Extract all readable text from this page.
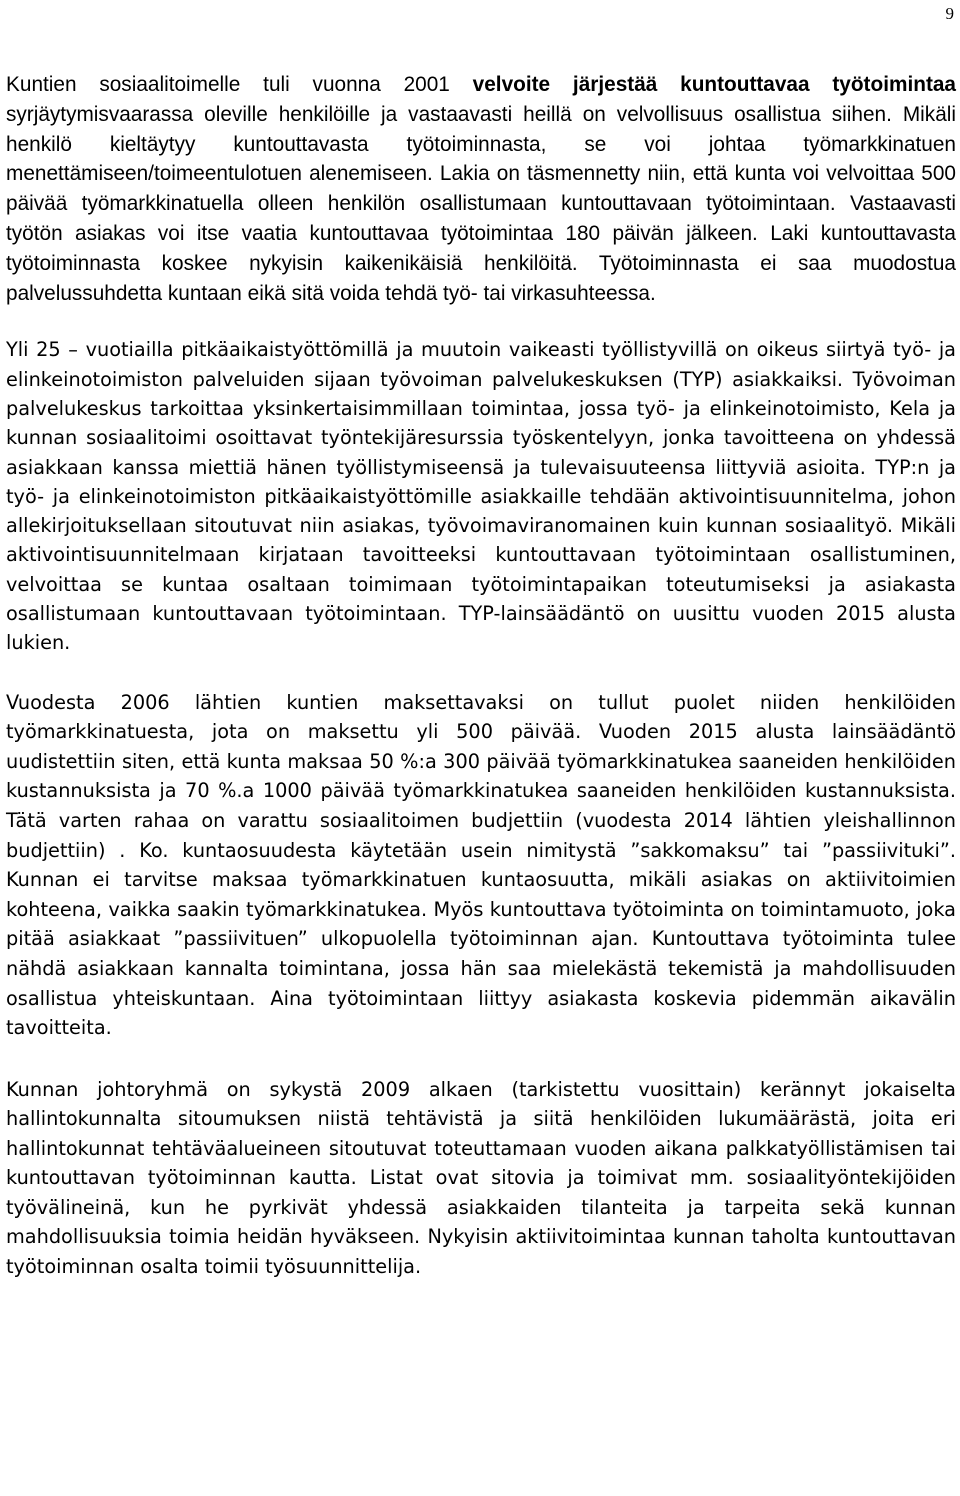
9

Kuntien sosiaalitoimelle tuli vuonna 2001 velvoite järjestää kuntouttavaa työtoimintaa syrjäytymisvaarassa oleville henkilöille ja vastaavasti heillä on velvollisuus osallistua siihen. Mikäli henkilö kieltäytyy kuntouttavasta työtoiminnasta, se voi johtaa työmarkkinatuen menettämiseen/toimeentulotuen alenemiseen. Lakia on täsmennetty niin, että kunta voi velvoittaa 500 päivää työmarkkinatuella olleen henkilön osallistumaan kuntouttavaan työtoimintaan. Vastaavasti työtön asiakas voi itse vaatia kuntouttavaa työtoimintaa 180 päivän jälkeen. Laki kuntouttavasta työtoiminnasta koskee nykyisin kaikenikäisiä henkilöitä. Työtoiminnasta ei saa muodostua palvelussuhdetta kuntaan eikä sitä voida tehdä työ- tai virkasuhteessa.

Yli 25 – vuotiailla pitkäaikaistyöttömillä ja muutoin vaikeasti työllistyvillä on oikeus siirtyä työ- ja elinkeinotoimiston palveluiden sijaan työvoiman palvelukeskuksen (TYP) asiakkaiksi. Työvoiman palvelukeskus tarkoittaa yksinkertaisimmillaan toimintaa, jossa työ- ja elinkeinotoimisto, Kela ja kunnan sosiaalitoimi osoittavat työntekijäresurssia työskentelyyn, jonka tavoitteena on yhdessä asiakkaan kanssa miettiä hänen työllistymiseensä ja tulevaisuuteensa liittyviä asioita. TYP:n ja työ- ja elinkeinotoimiston pitkäaikaistyöttömille asiakkaille tehdään aktivointisuunnitelma, johon allekirjoituksellaan sitoutuvat niin asiakas, työvoimaviranomainen kuin kunnan sosiaalityö. Mikäli aktivointisuunnitelmaan kirjataan tavoitteeksi kuntouttavaan työtoimintaan osallistuminen, velvoittaa se kuntaa osaltaan toimimaan työtoimintapaikan toteutumiseksi ja asiakasta osallistumaan kuntouttavaan työtoimintaan. TYP-lainsäädäntö on uusittu vuoden 2015 alusta lukien.

Vuodesta 2006 lähtien kuntien maksettavaksi on tullut puolet niiden henkilöiden työmarkkinatuesta, jota on maksettu yli 500 päivää. Vuoden 2015 alusta lainsäädäntö uudistettiin siten, että kunta maksaa 50 %:a 300 päivää työmarkkinatukea saaneiden henkilöiden kustannuksista ja 70 %.a 1000 päivää työmarkkinatukea saaneiden henkilöiden kustannuksista. Tätä varten rahaa on varattu sosiaalitoimen budjettiin (vuodesta 2014 lähtien yleishallinnon budjettiin) . Ko. kuntaosuudesta käytetään usein nimitystä ”sakkomaksu” tai ”passiivituki”. Kunnan ei tarvitse maksaa työmarkkinatuen kuntaosuutta, mikäli asiakas on aktiivitoimien kohteena, vaikka saakin työmarkkinatukea. Myös kuntouttava työtoiminta on toimintamuoto, joka pitää asiakkaat ”passiivituen” ulkopuolella työtoiminnan ajan. Kuntouttava työtoiminta tulee nähdä asiakkaan kannalta toimintana, jossa hän saa mielekästä tekemistä ja mahdollisuuden osallistua yhteiskuntaan. Aina työtoimintaan liittyy asiakasta koskevia pidemmän aikavälin tavoitteita.

Kunnan johtoryhmä on sykystä 2009 alkaen (tarkistettu vuosittain) kerännyt jokaiselta hallintokunnalta sitoumuksen niistä tehtävistä ja siitä henkilöiden lukumäärästä, joita eri hallintokunnat tehtäväalueineen sitoutuvat toteuttamaan vuoden aikana palkkatyöllistämisen tai kuntouttavan työtoiminnan kautta. Listat ovat sitovia ja toimivat mm. sosiaalityöntekijöiden työvälineinä, kun he pyrkivät yhdessä asiakkaiden tilanteita ja tarpeita sekä kunnan mahdollisuuksia toimia heidän hyväkseen. Nykyisin aktiivitoimintaa kunnan taholta kuntouttavan työtoiminnan osalta toimii työsuunnittelija.
